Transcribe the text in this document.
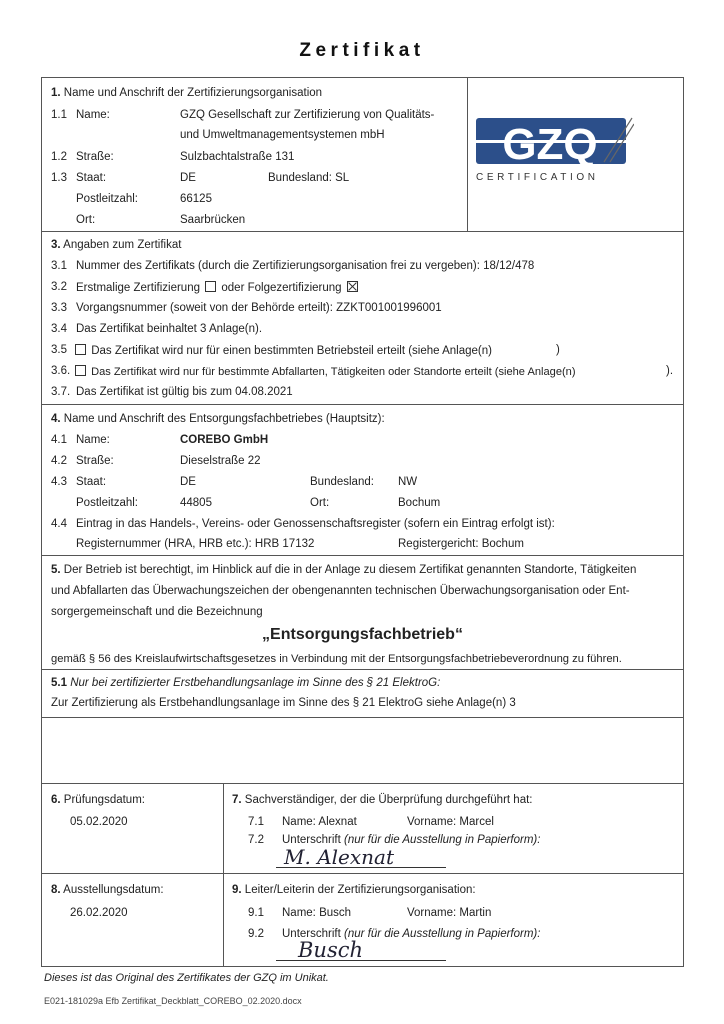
Zertifikat
1. Name und Anschrift der Zertifizierungsorganisation
1.1 Name:	GZQ Gesellschaft zur Zertifizierung von Qualitäts-
und Umweltmanagementsystemen mbH
1.2 Straße:	Sulzbachtalstraße 131
1.3 Staat:	DE	Bundesland: SL
Postleitzahl:	66125
Ort:	Saarbrücken
GZQ
CERTIFICATION
3. Angaben zum Zertifikat
3.1 Nummer des Zertifikats (durch die Zertifizierungsorganisation frei zu vergeben): 18/12/478
3.2 Erstmalige Zertifizierung oder Folgezertifizierung
3.3 Vorgangsnummer (soweit von der Behörde erteilt): ZZKT001001996001
3.4 Das Zertifikat beinhaltet 3 Anlage(n).
3.5	Das Zertifikat wird nur für einen bestimmten Betriebsteil erteilt (siehe Anlage(n)	)
3.6.	Das Zertifikat wird nur für bestimmte Abfallarten, Tätigkeiten oder Standorte erteilt (siehe Anlage(n)	).
3.7. Das Zertifikat ist gültig bis zum 04.08.2021
4. Name und Anschrift des Entsorgungsfachbetriebes (Hauptsitz):
4.1 Name:	COREBO GmbH
4.2 Straße:	Dieselstraße 22
4.3 Staat:	DE	Bundesland: NW
Postleitzahl:	44805	Ort:	Bochum
4.4 Eintrag in das Handels-, Vereins- oder Genossenschaftsregister (sofern ein Eintrag erfolgt ist):
Registernummer (HRA, HRB etc.): HRB 17132	Registergericht: Bochum
5. Der Betrieb ist berechtigt, im Hinblick auf die in der Anlage zu diesem Zertifikat genannten Standorte, Tätigkeiten
und Abfallarten das Überwachungszeichen der obengenannten technischen Überwachungsorganisation oder Ent-
sorgergemeinschaft und die Bezeichnung
„Entsorgungsfachbetrieb“
gemäß § 56 des Kreislaufwirtschaftsgesetzes in Verbindung mit der Entsorgungsfachbetriebeverordnung zu führen.
5.1 Nur bei zertifizierter Erstbehandlungsanlage im Sinne des § 21 ElektroG:
Zur Zertifizierung als Erstbehandlungsanlage im Sinne des § 21 ElektroG siehe Anlage(n) 3
6. Prüfungsdatum:
05.02.2020
7. Sachverständiger, der die Überprüfung durchgeführt hat:
7.1 Name: Alexnat	Vorname: Marcel
7.2 Unterschrift (nur für die Ausstellung in Papierform):
M. Alexnat
8. Ausstellungsdatum:
26.02.2020
9. Leiter/Leiterin der Zertifizierungsorganisation:
9.1 Name: Busch	Vorname: Martin
9.2 Unterschrift (nur für die Ausstellung in Papierform):
Busch
Dieses ist das Original des Zertifikates der GZQ im Unikat.
E021-181029a Efb Zertifikat_Deckblatt_COREBO_02.2020.docx
